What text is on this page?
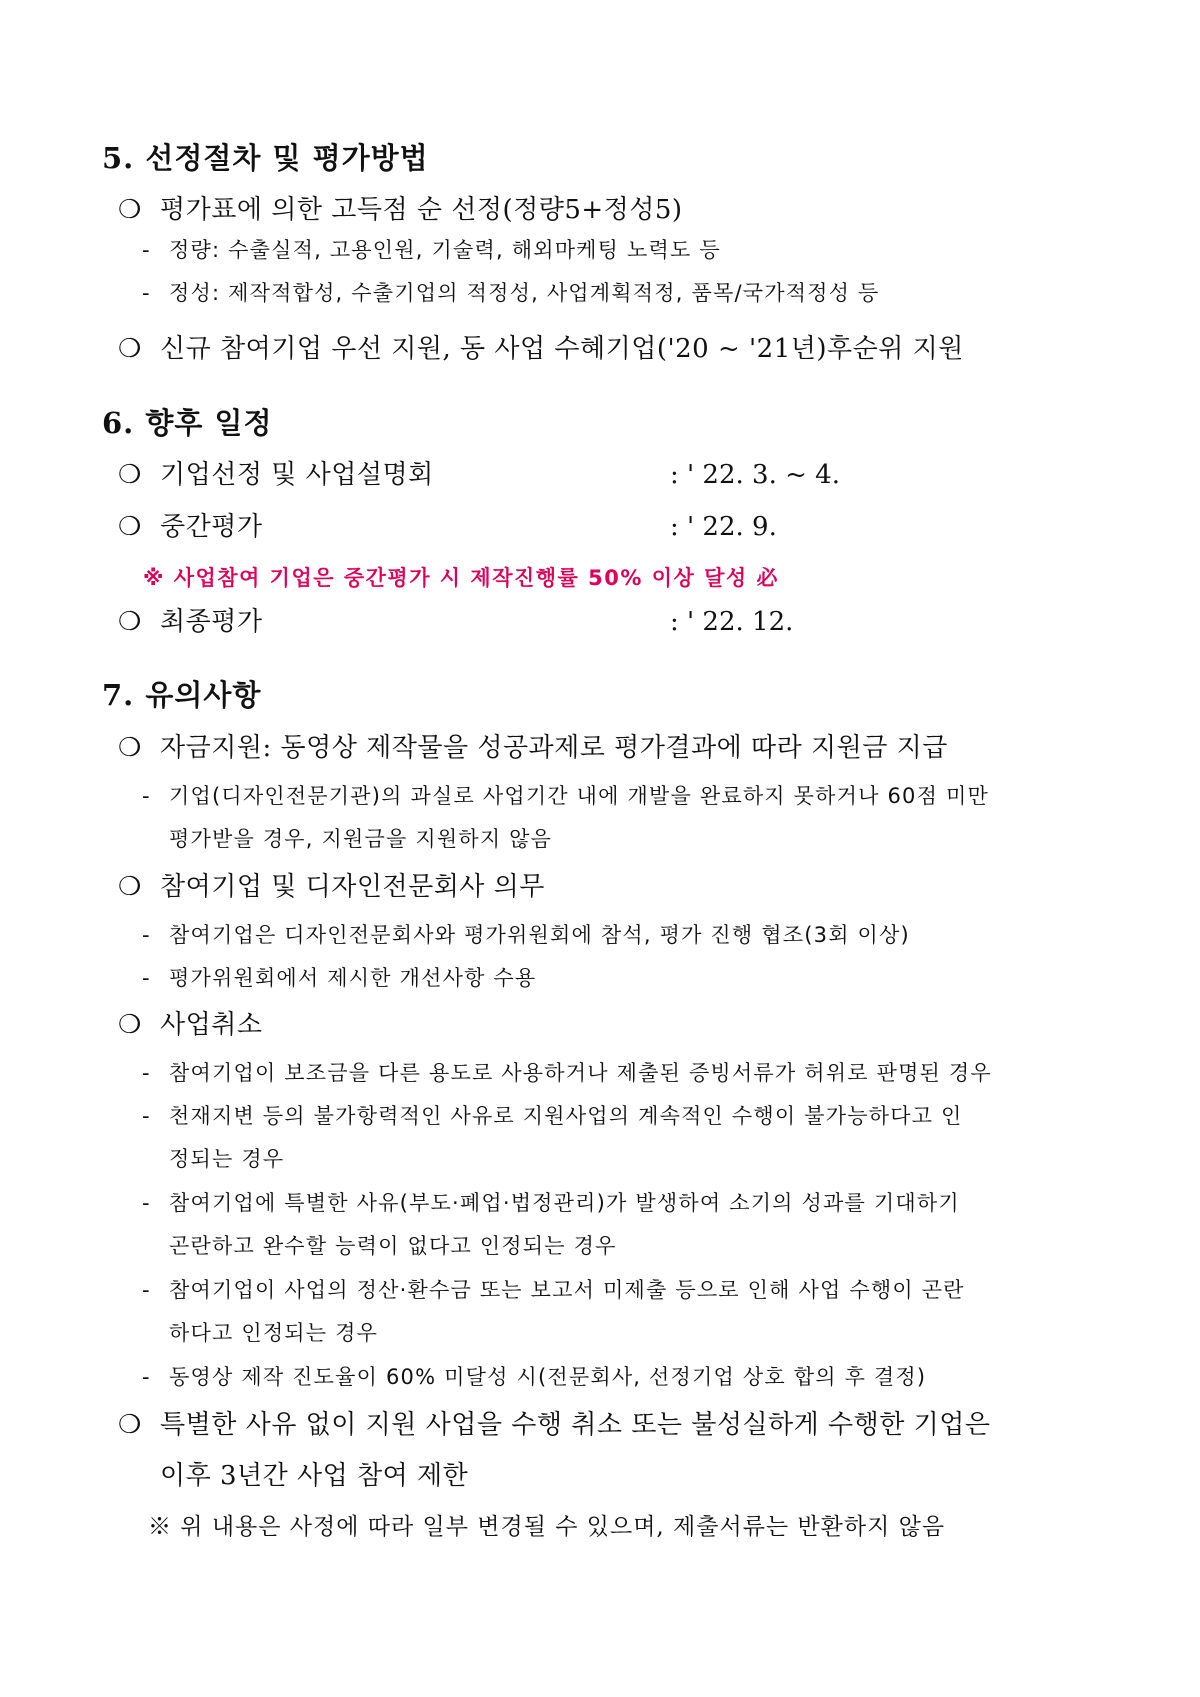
5. 선정절차 및 평가방법
❍ 평가표에 의한 고득점 순 선정(정량5+정성5)
- 정량: 수출실적, 고용인원, 기술력, 해외마케팅 노력도 등
- 정성: 제작적합성, 수출기업의 적정성, 사업계획적정, 품목/국가적정성 등
❍ 신규 참여기업 우선 지원, 동 사업 수혜기업('20 ~ '21년)후순위 지원
6. 향후 일정
❍ 기업선정 및 사업설명회	: ' 22. 3. ~ 4.
❍ 중간평가	: ' 22. 9.
※ 사업참여 기업은 중간평가 시 제작진행률 50% 이상 달성 必
❍ 최종평가	: ' 22. 12.
7. 유의사항
❍ 자금지원: 동영상 제작물을 성공과제로 평가결과에 따라 지원금 지급
- 기업(디자인전문기관)의 과실로 사업기간 내에 개발을 완료하지 못하거나 60점 미만
평가받을 경우, 지원금을 지원하지 않음
❍ 참여기업 및 디자인전문회사 의무
- 참여기업은 디자인전문회사와 평가위원회에 참석, 평가 진행 협조(3회 이상)
- 평가위원회에서 제시한 개선사항 수용
❍ 사업취소
- 참여기업이 보조금을 다른 용도로 사용하거나 제출된 증빙서류가 허위로 판명된 경우
- 천재지변 등의 불가항력적인 사유로 지원사업의 계속적인 수행이 불가능하다고 인
정되는 경우
- 참여기업에 특별한 사유(부도·폐업·법정관리)가 발생하여 소기의 성과를 기대하기
곤란하고 완수할 능력이 없다고 인정되는 경우
- 참여기업이 사업의 정산·환수금 또는 보고서 미제출 등으로 인해 사업 수행이 곤란
하다고 인정되는 경우
- 동영상 제작 진도율이 60% 미달성 시(전문회사, 선정기업 상호 합의 후 결정)
❍ 특별한 사유 없이 지원 사업을 수행 취소 또는 불성실하게 수행한 기업은
이후 3년간 사업 참여 제한
※ 위 내용은 사정에 따라 일부 변경될 수 있으며, 제출서류는 반환하지 않음
